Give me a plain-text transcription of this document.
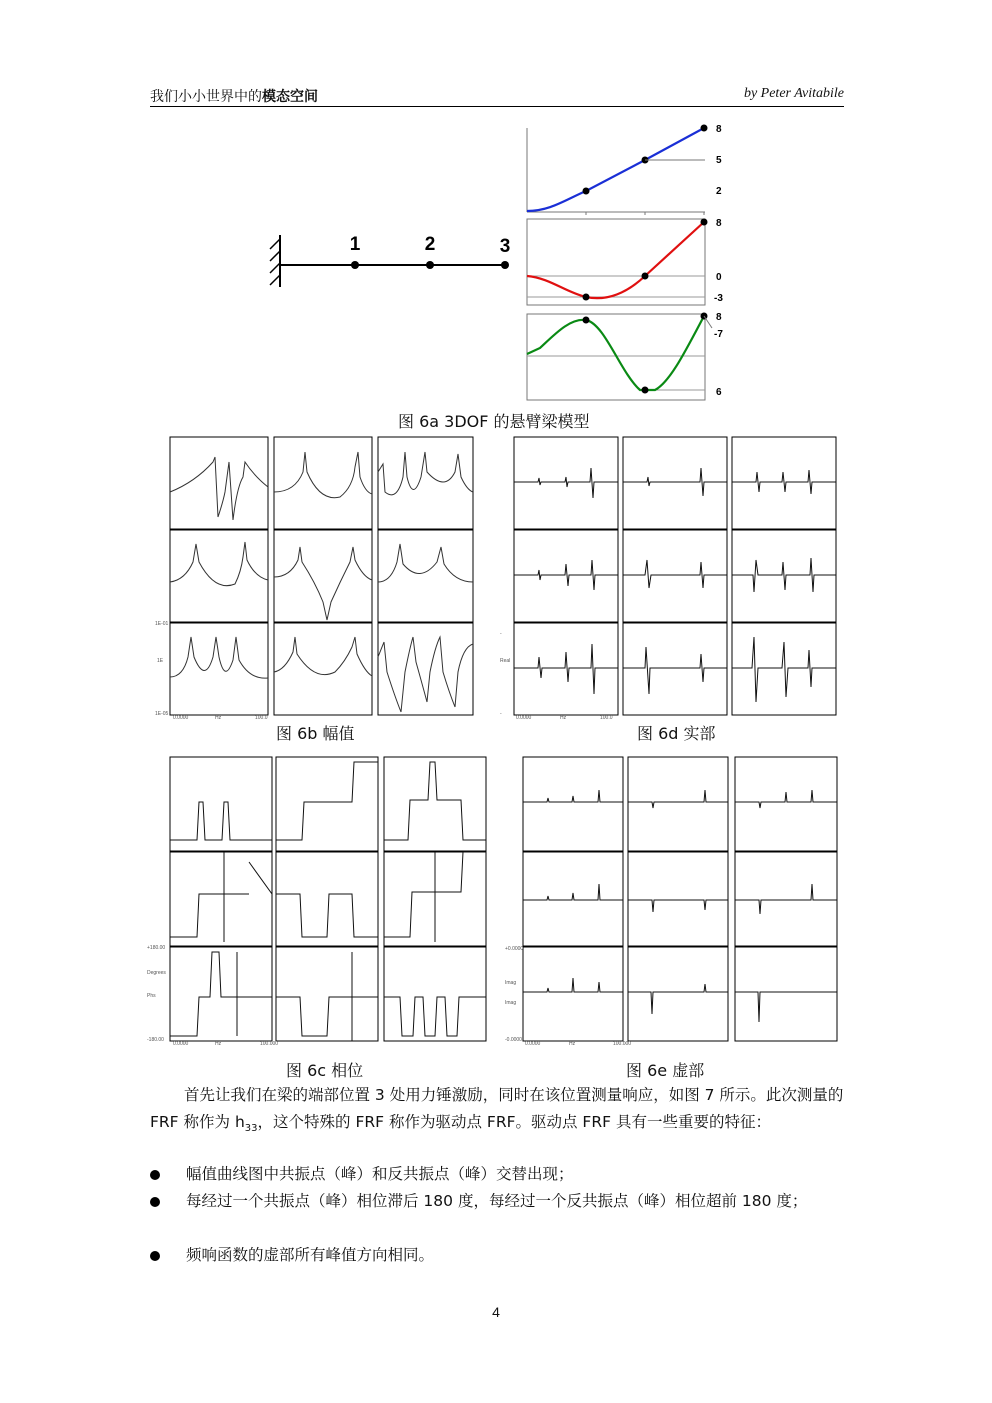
我们小小世界中的模态空间	by Peter Avitabile
1	2	3
8
5
2
8
0
-3
8
-7
6
图 6a 3DOF 的悬臂梁模型
1E-01
1E
1E-05
0.0000	Hz	100.0
图 6b 幅值
-
Real
-
0.0000	Hz	100.0
图 6d 实部
+180.00
Degrees
Phs
-180.00
0.0000	Hz	100.000
图 6c 相位
+0.0000
Imag
Imag
-0.0000
0.0000	Hz	100.000
图 6e 虚部
首先让我们在梁的端部位置 3 处用力锤激励，同时在该位置测量响应，如图 7 所示。此次测量的 FRF 称作为 $h_{33}$，这个特殊的 FRF 称作为驱动点 FRF。驱动点 FRF 具有一些重要的特征：
幅值曲线图中共振点（峰）和反共振点（峰）交替出现；
每经过一个共振点（峰）相位滞后 180 度，每经过一个反共振点（峰）相位超前 180 度；
频响函数的虚部所有峰值方向相同。
4
